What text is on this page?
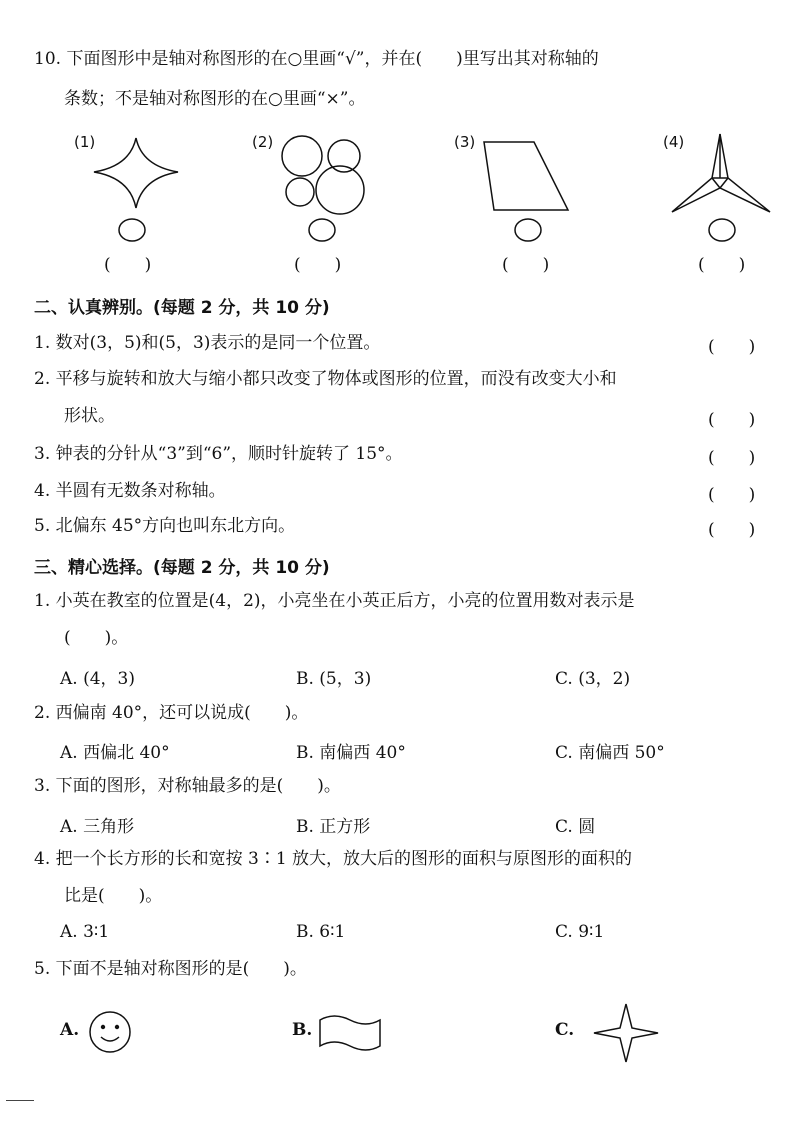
10. 下面图形中是轴对称图形的在○里画“√”，并在(　　)里写出其对称轴的
条数；不是轴对称图形的在○里画“×”。
(1)
(　　)
(2)
(　　)
(3)
(　　)
(4)
(　　)
二、认真辨别。(每题 2 分，共 10 分)
1. 数对(3，5)和(5，3)表示的是同一个位置。	(　　)
2. 平移与旋转和放大与缩小都只改变了物体或图形的位置，而没有改变大小和
形状。	(　　)
3. 钟表的分针从“3”到“6”，顺时针旋转了 15°。	(　　)
4. 半圆有无数条对称轴。	(　　)
5. 北偏东 45°方向也叫东北方向。	(　　)
三、精心选择。(每题 2 分，共 10 分)
1. 小英在教室的位置是(4，2)，小亮坐在小英正后方，小亮的位置用数对表示是
(　　)。
A. (4，3)	B. (5，3)	C. (3，2)
2. 西偏南 40°，还可以说成(　　)。
A. 西偏北 40°	B. 南偏西 40°	C. 南偏西 50°
3. 下面的图形，对称轴最多的是(　　)。
A. 三角形	B. 正方形	C. 圆
4. 把一个长方形的长和宽按 3∶1 放大，放大后的图形的面积与原图形的面积的
比是(　　)。
A. 3∶1	B. 6∶1	C. 9∶1
5. 下面不是轴对称图形的是(　　)。
A.	B.	C.
